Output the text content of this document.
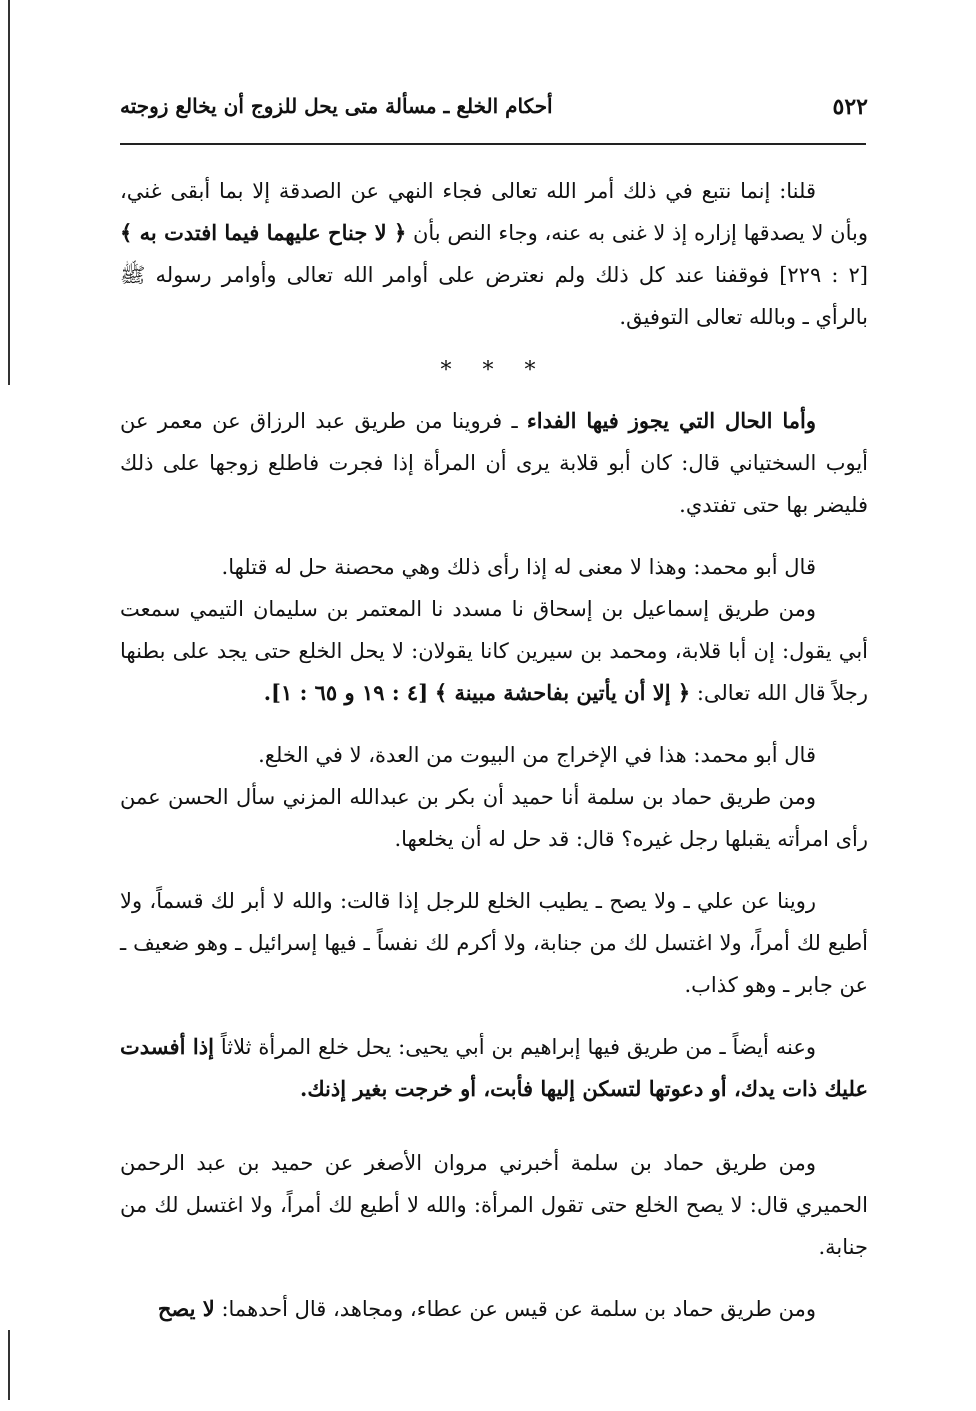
٥٢٢
أحكام الخلع ـ مسألة متى يحل للزوج أن يخالع زوجته

قلنا: إنما نتبع في ذلك أمر الله تعالى فجاء النهي عن الصدقة إلا بما أبقى غني، وبأن لا يصدقها إزاره إذ لا غنى به عنه، وجاء النص بأن ﴿ لا جناح عليهما فيما افتدت به ﴾ [٢ : ٢٢٩] فوقفنا عند كل ذلك ولم نعترض على أوامر الله تعالى وأوامر رسوله ﷺ بالرأي ـ وبالله تعالى التوفيق.

* * *

وأما الحال التي يجوز فيها الفداء ـ فروينا من طريق عبد الرزاق عن معمر عن أيوب السختياني قال: كان أبو قلابة يرى أن المرأة إذا فجرت فاطلع زوجها على ذلك فليضر بها حتى تفتدي.

قال أبو محمد: وهذا لا معنى له إذا رأى ذلك وهي محصنة حل له قتلها.

ومن طريق إسماعيل بن إسحاق نا مسدد نا المعتمر بن سليمان التيمي سمعت أبي يقول: إن أبا قلابة، ومحمد بن سيرين كانا يقولان: لا يحل الخلع حتى يجد على بطنها رجلاً قال الله تعالى: ﴿ إلا أن يأتين بفاحشة مبينة ﴾ [٤ : ١٩ و ٦٥ : ١].

قال أبو محمد: هذا في الإخراج من البيوت من العدة، لا في الخلع.

ومن طريق حماد بن سلمة أنا حميد أن بكر بن عبدالله المزني سأل الحسن عمن رأى امرأته يقبلها رجل غيره؟ قال: قد حل له أن يخلعها.

روينا عن علي ـ ولا يصح ـ يطيب الخلع للرجل إذا قالت: والله لا أبر لك قسماً، ولا أطيع لك أمراً، ولا اغتسل لك من جنابة، ولا أكرم لك نفساً ـ فيها إسرائيل ـ وهو ضعيف ـ عن جابر ـ وهو كذاب.

وعنه أيضاً ـ من طريق فيها إبراهيم بن أبي يحيى: يحل خلع المرأة ثلاثاً إذا أفسدت عليك ذات يدك، أو دعوتها لتسكن إليها فأبت، أو خرجت بغير إذنك.

ومن طريق حماد بن سلمة أخبرني مروان الأصغر عن حميد بن عبد الرحمن الحميري قال: لا يصح الخلع حتى تقول المرأة: والله لا أطيع لك أمراً، ولا اغتسل لك من جنابة.

ومن طريق حماد بن سلمة عن قيس عن عطاء، ومجاهد، قال أحدهما: لا يصح
